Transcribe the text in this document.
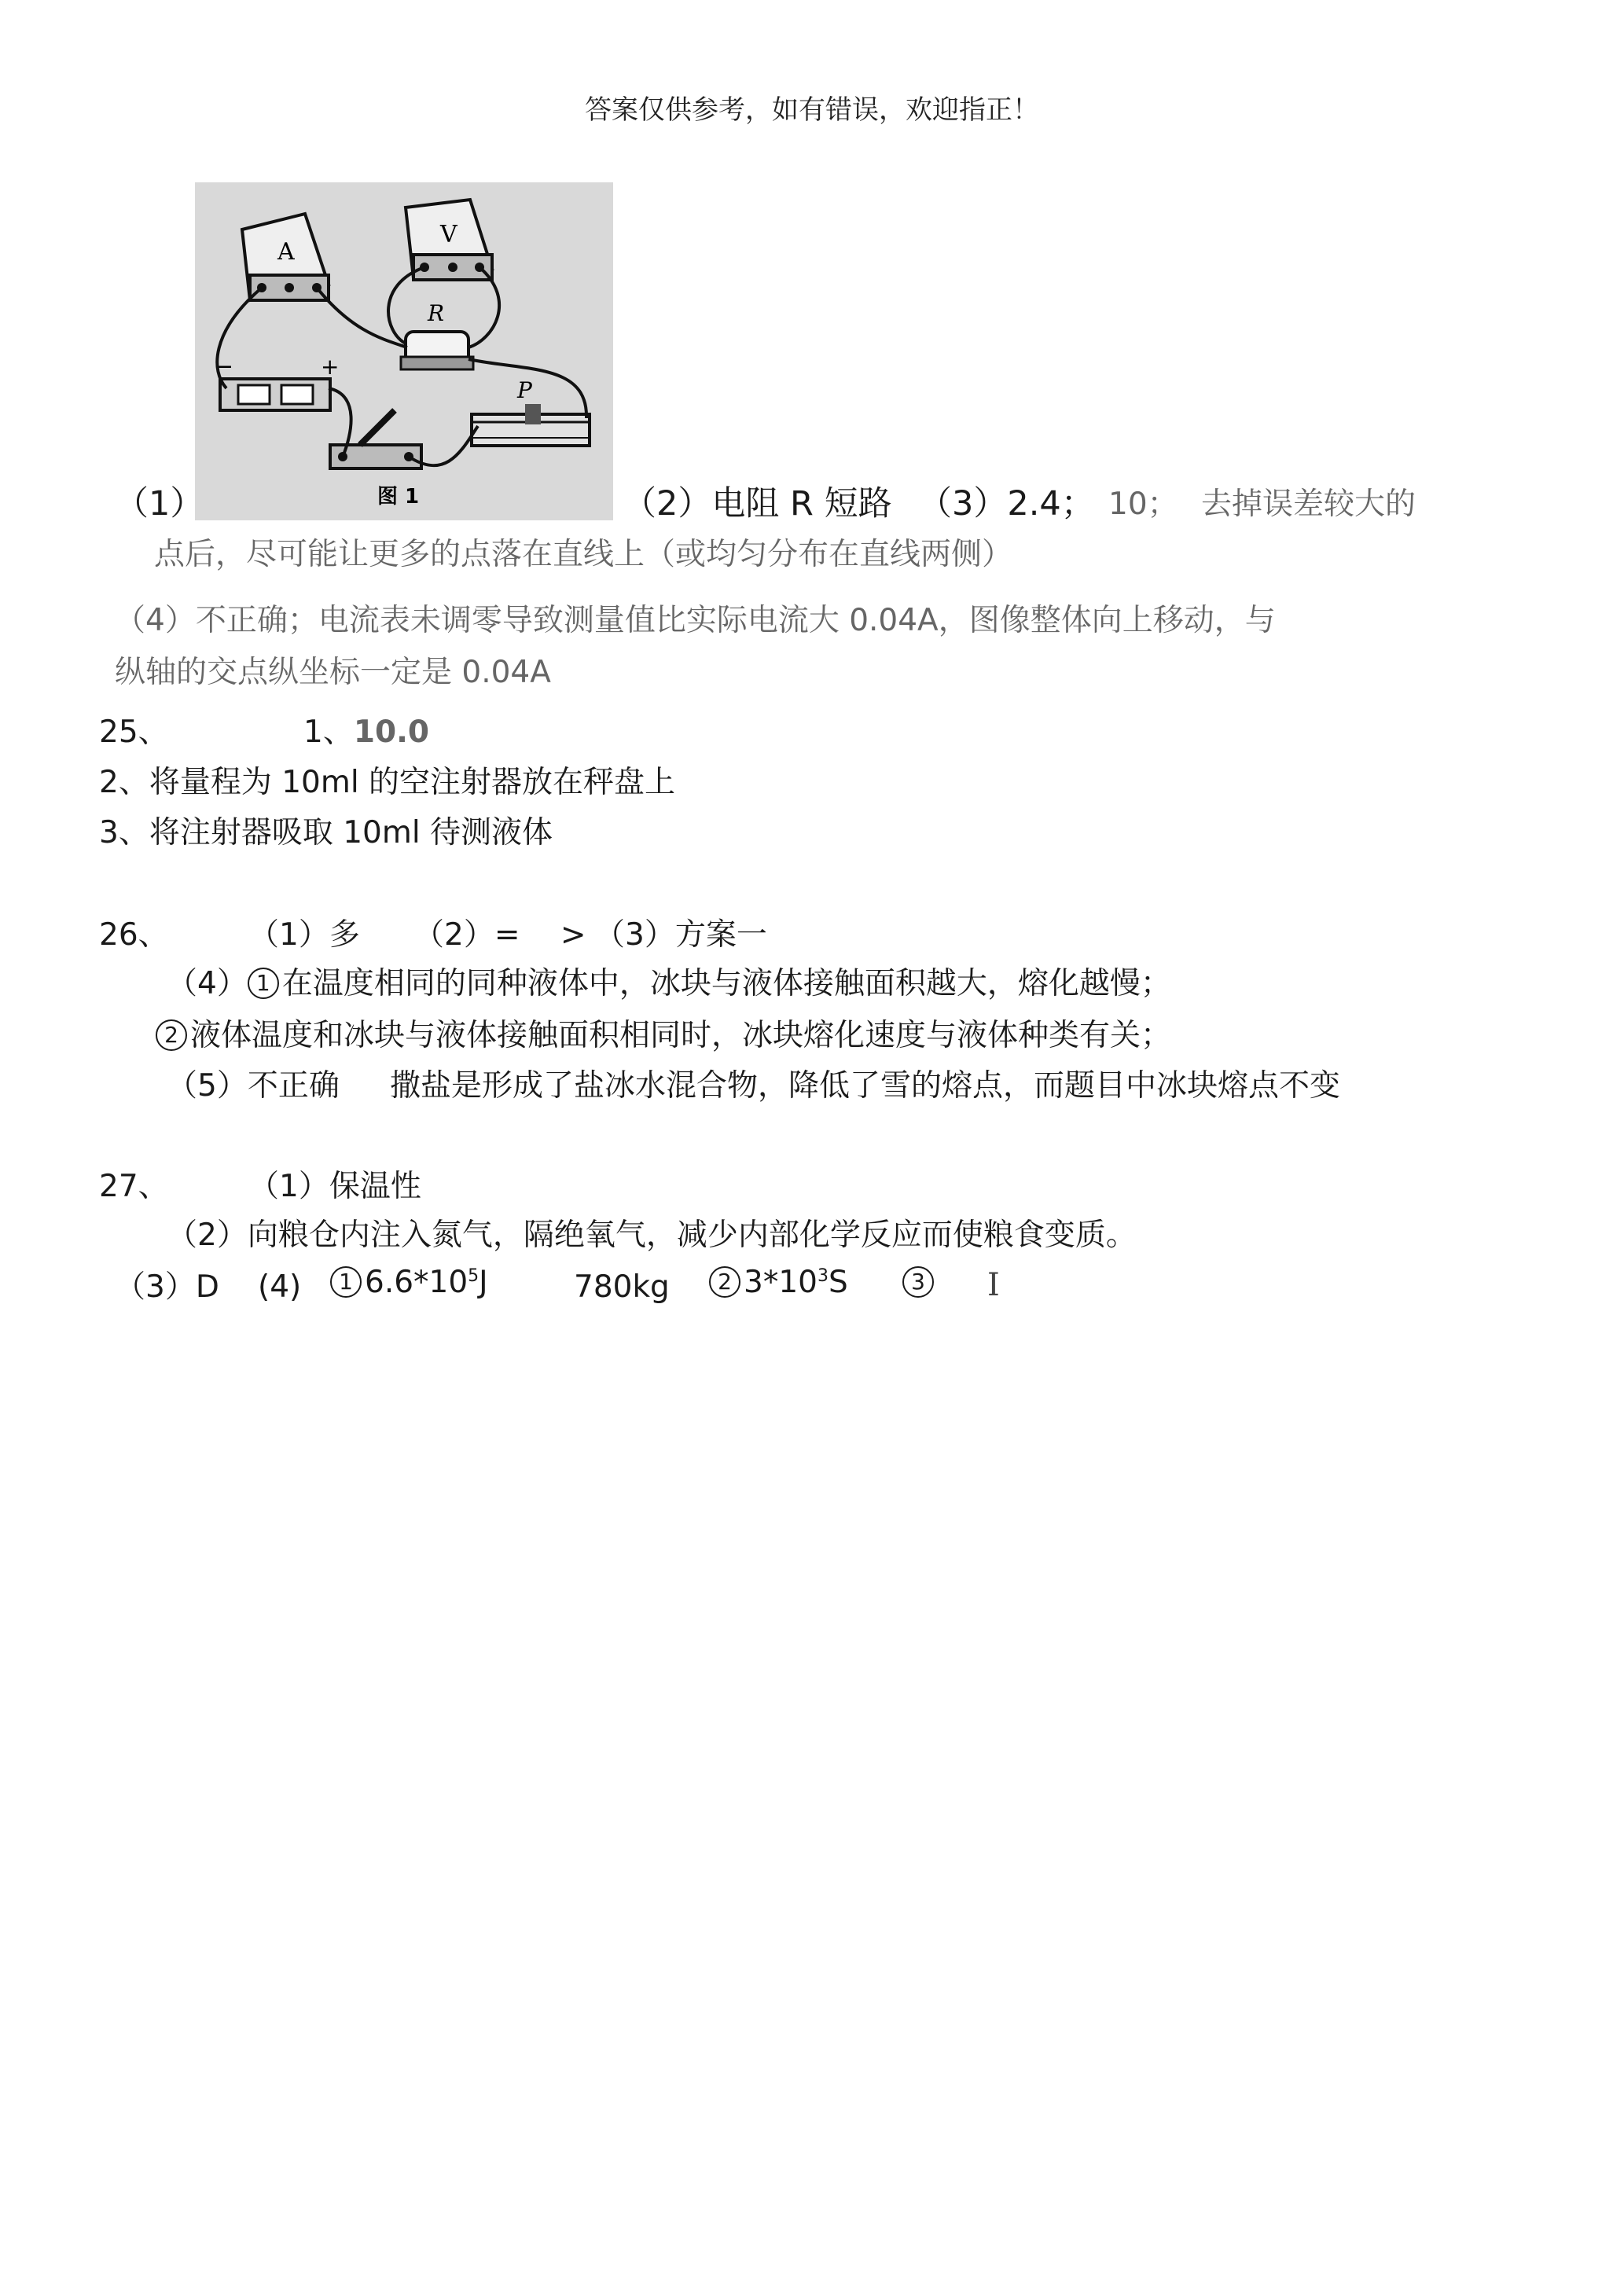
答案仅供参考，如有错误，欢迎指正！
A
V
R
−	+
P
图 1
（1）	（2）电阻 R 短路 （3）2.4； 10； 去掉误差较大的
点后，尽可能让更多的点落在直线上（或均匀分布在直线两侧）
（4）不正确；电流表未调零导致测量值比实际电流大 0.04A，图像整体向上移动，与
纵轴的交点纵坐标一定是 0.04A
25、	1、10.0
2、将量程为 10ml 的空注射器放在秤盘上
3、将注射器吸取 10ml 待测液体
26、	（1）多 （2）=　 > （3）方案一
（4） 1 在温度相同的同种液体中，冰块与液体接触面积越大，熔化越慢；
2 液体温度和冰块与液体接触面积相同时，冰块熔化速度与液体种类有关；
（5）不正确 撒盐是形成了盐冰水混合物，降低了雪的熔点，而题目中冰块熔点不变
27、	（1）保温性
（2）向粮仓内注入氮气，隔绝氧气，减少内部化学反应而使粮食变质。
（3）D (4)	1 $6.6*10^5J$	780kg	2 $3*10^3S$	3	I
